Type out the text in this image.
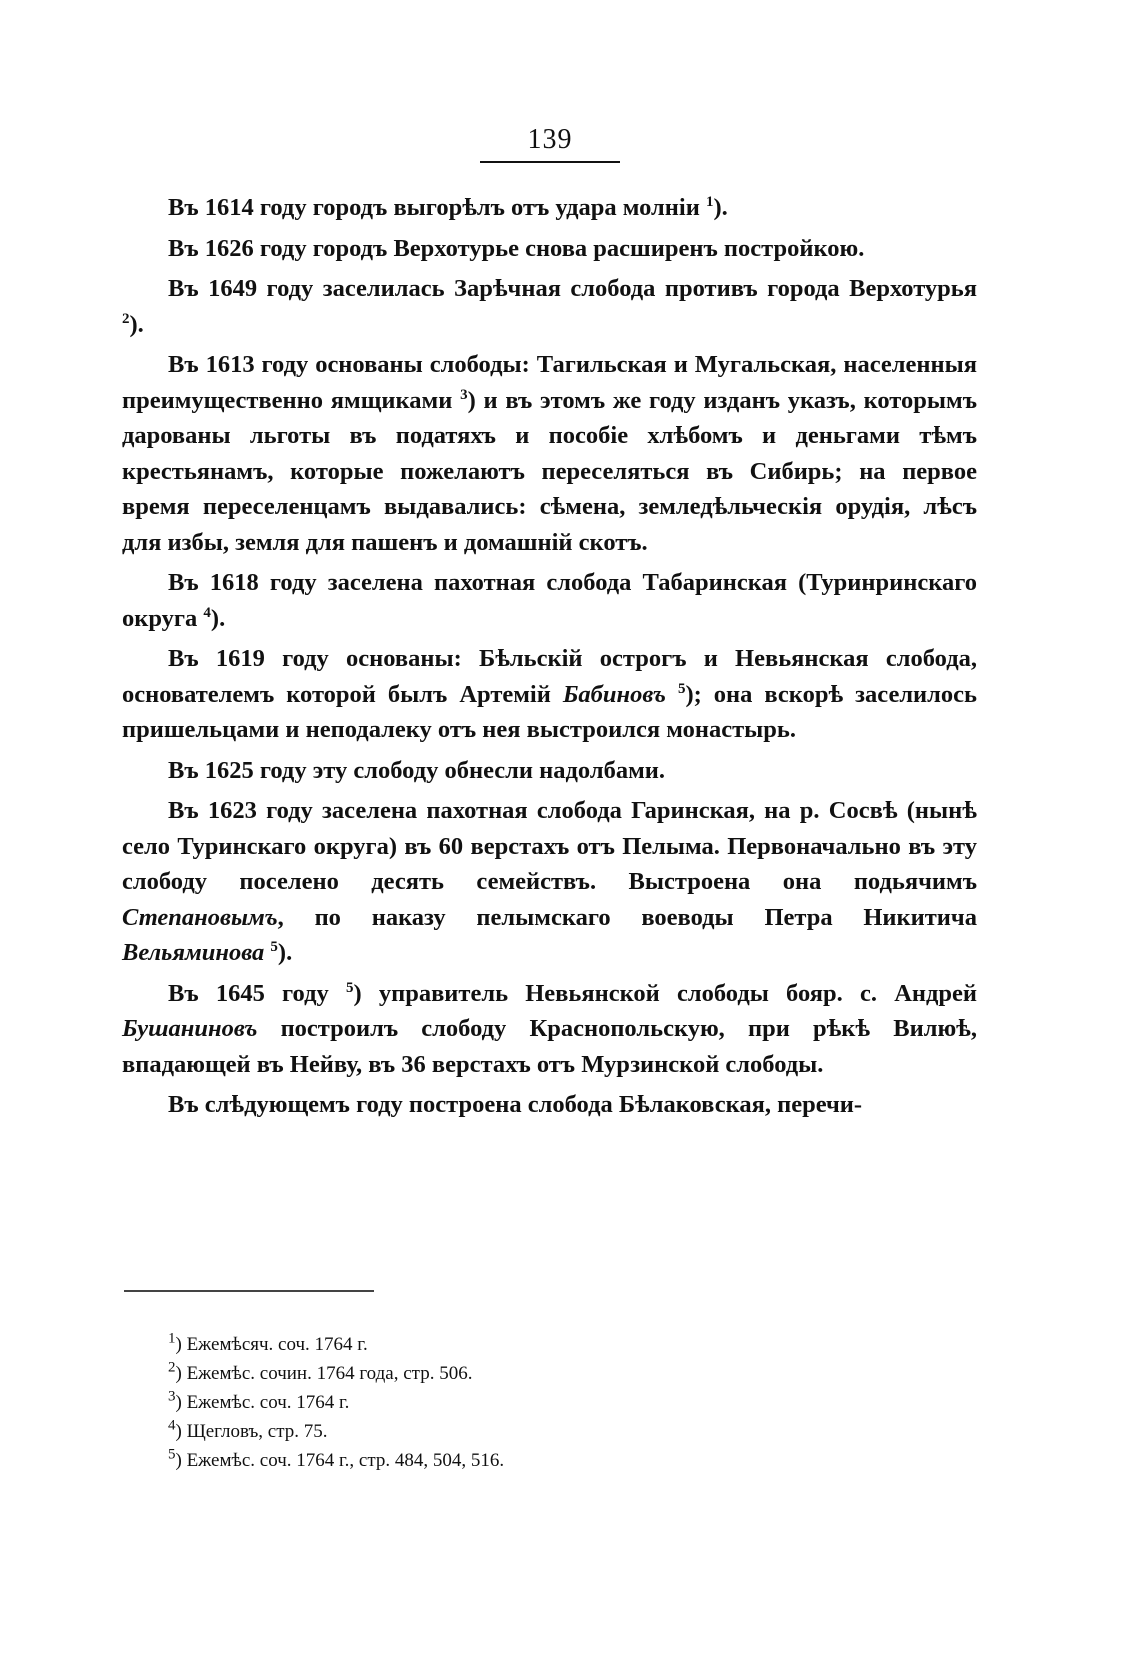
139

Въ 1614 году городъ выгорѣлъ отъ удара молніи $^1$).

Въ 1626 году городъ Верхотурье снова расширенъ постройкою.

Въ 1649 году заселилась Зарѣчная слобода противъ города Верхотурья $^2$).

Въ 1613 году основаны слободы: Тагильская и Мугальская, населенныя преимущественно ямщиками $^3$) и въ этомъ же году изданъ указъ, которымъ дарованы льготы въ податяхъ и пособіе хлѣбомъ и деньгами тѣмъ крестьянамъ, которые пожелаютъ переселяться въ Сибирь; на первое время переселенцамъ выдавались: сѣмена, земледѣльческія орудія, лѣсъ для избы, земля для пашенъ и домашній скотъ.

Въ 1618 году заселена пахотная слобода Табаринская (Туринринскаго округа $^4$).

Въ 1619 году основаны: Бѣльскій острогъ и Невьянская слобода, основателемъ которой былъ Артемій Бабиновъ $^5$); она вскорѣ заселилось пришельцами и неподалеку отъ нея выстроился монастырь.

Въ 1625 году эту слободу обнесли надолбами.

Въ 1623 году заселена пахотная слобода Гаринская, на р. Сосвѣ (нынѣ село Туринскаго округа) въ 60 верстахъ отъ Пелыма. Первоначально въ эту слободу поселено десять семействъ. Выстроена она подьячимъ Степановымъ, по наказу пелымскаго воеводы Петра Никитича Вельяминова $^5$).

Въ 1645 году $^5$) управитель Невьянской слободы бояр. с. Андрей Бушаниновъ построилъ слободу Краснопольскую, при рѣкѣ Вилюѣ, впадающей въ Нейву, въ 36 верстахъ отъ Мурзинской слободы.

Въ слѣдующемъ году построена слобода Бѣлаковская, перечи-

$^1$) Ежемѣсяч. соч. 1764 г.

$^2$) Ежемѣс. сочин. 1764 года, стр. 506.

$^3$) Ежемѣс. соч. 1764 г.

$^4$) Щегловъ, стр. 75.

$^5$) Ежемѣс. соч. 1764 г., стр. 484, 504, 516.
